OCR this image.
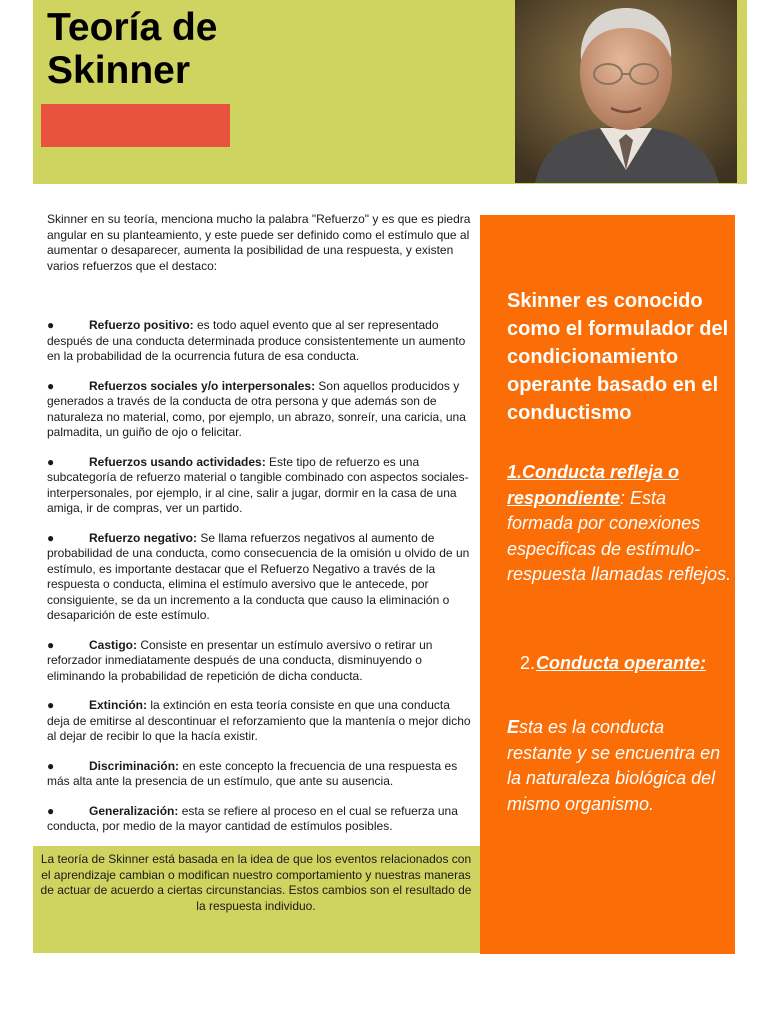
Teoría de
Skinner

Skinner en su teoría, menciona mucho la palabra "Refuerzo" y es que es piedra angular en su planteamiento, y este puede ser definido como el estímulo que al aumentar o desaparecer, aumenta la posibilidad de una respuesta, y existen varios refuerzos que el destaco:

●	Refuerzo positivo: es todo aquel evento que al ser representado después de una conducta determinada produce consistentemente un aumento en la probabilidad de la ocurrencia futura de esa conducta.
●	Refuerzos sociales y/o interpersonales: Son aquellos producidos y generados a través de la conducta de otra persona y que además son de naturaleza no material, como, por ejemplo, un abrazo, sonreír, una caricia, una palmadita, un guiño de ojo o felicitar.
●	Refuerzos usando actividades: Este tipo de refuerzo es una subcategoría de refuerzo material o tangible combinado con aspectos sociales-interpersonales, por ejemplo, ir al cine, salir a jugar, dormir en la casa de una amiga, ir de compras, ver un partido.
●	Refuerzo negativo: Se llama refuerzos negativos al aumento de probabilidad de una conducta, como consecuencia de la omisión u olvido de un estímulo, es importante destacar que el Refuerzo Negativo a través de la respuesta o conducta, elimina el estímulo aversivo que le antecede, por consiguiente, se da un incremento a la conducta que causo la eliminación o desaparición de este estímulo.
●	Castigo: Consiste en presentar un estímulo aversivo o retirar un reforzador inmediatamente después de una conducta, disminuyendo o eliminando la probabilidad de repetición de dicha conducta.
●	Extinción: la extinción en esta teoría consiste en que una conducta deja de emitirse al descontinuar el reforzamiento que la mantenía o mejor dicho al dejar de recibir lo que la hacía existir.
●	Discriminación: en este concepto la frecuencia de una respuesta es más alta ante la presencia de un estímulo, que ante su ausencia.
●	Generalización: esta se refiere al proceso en el cual se refuerza una conducta, por medio de la mayor cantidad de estímulos posibles.

La teoría de Skinner está basada en la idea de que los eventos relacionados con el aprendizaje cambian o modifican nuestro comportamiento y nuestras maneras de actuar de acuerdo a ciertas circunstancias. Estos cambios son el resultado de la respuesta individuo.

Skinner es conocido como el formulador del condicionamiento operante basado en el conductismo

1.Conducta refleja o respondiente: Esta formada por conexiones especificas de estímulo-respuesta llamadas reflejos.

2.Conducta operante:

Esta es la conducta restante y se encuentra en la naturaleza biológica del mismo organismo.
